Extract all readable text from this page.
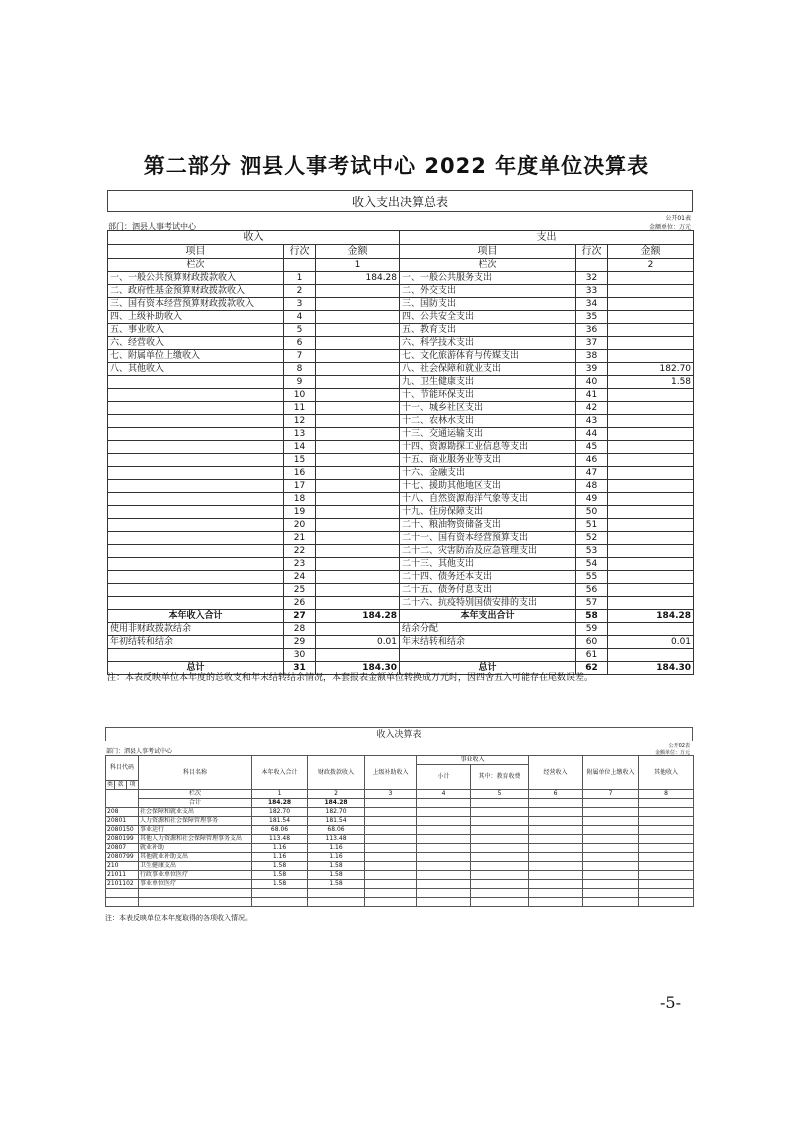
第二部分 泗县人事考试中心 2022 年度单位决算表
收入支出决算总表
公开01表
部门：泗县人事考试中心	金额单位：万元
收入			支出		
项目	行次	金额	项目	行次	金额
栏次		1	栏次		2
一、一般公共预算财政拨款收入	1	184.28	一、一般公共服务支出	32	
二、政府性基金预算财政拨款收入	2		二、外交支出	33	
三、国有资本经营预算财政拨款收入	3		三、国防支出	34	
四、上级补助收入	4		四、公共安全支出	35	
五、事业收入	5		五、教育支出	36	
六、经营收入	6		六、科学技术支出	37	
七、附属单位上缴收入	7		七、文化旅游体育与传媒支出	38	
八、其他收入	8		八、社会保障和就业支出	39	182.70
	9		九、卫生健康支出	40	1.58
	10		十、节能环保支出	41	
	11		十一、城乡社区支出	42	
	12		十二、农林水支出	43	
	13		十三、交通运输支出	44	
	14		十四、资源勘探工业信息等支出	45	
	15		十五、商业服务业等支出	46	
	16		十六、金融支出	47	
	17		十七、援助其他地区支出	48	
	18		十八、自然资源海洋气象等支出	49	
	19		十九、住房保障支出	50	
	20		二十、粮油物资储备支出	51	
	21		二十一、国有资本经营预算支出	52	
	22		二十二、灾害防治及应急管理支出	53	
	23		二十三、其他支出	54	
	24		二十四、债务还本支出	55	
	25		二十五、债务付息支出	56	
	26		二十六、抗疫特别国债安排的支出	57	
本年收入合计	27	184.28	本年支出合计	58	184.28
使用非财政拨款结余	28		结余分配	59	
年初结转和结余	29	0.01	年末结转和结余	60	0.01
	30			61	
总计	31	184.30	总计	62	184.30
注：本表反映单位本年度的总收支和年末结转结余情况，本套报表金额单位转换成万元时，因四舍五入可能存在尾数误差。
收入决算表
公开02表
部门：泗县人事考试中心	金额单位：万元
科目代码			科目名称	本年收入合计	财政拨款收入	上级补助收入	事业收入		经营收入	附属单位上缴收入	其他收入
							小计	其中：教育收费			

类	款	项									
			栏次	1	2	3	4	5	6	7	8
			合计	184.28	184.28						
208			社会保障和就业支出	182.70	182.70						
20801			人力资源和社会保障管理事务	181.54	181.54						
2080150			事业运行	68.06	68.06						
2080199			其他人力资源和社会保障管理事务支出	113.48	113.48						
20807			就业补助	1.16	1.16						
2080799			其他就业补助支出	1.16	1.16						
210			卫生健康支出	1.58	1.58						
21011			行政事业单位医疗	1.58	1.58						
2101102			事业单位医疗	1.58	1.58						

注：本表反映单位本年度取得的各项收入情况。
-5-
